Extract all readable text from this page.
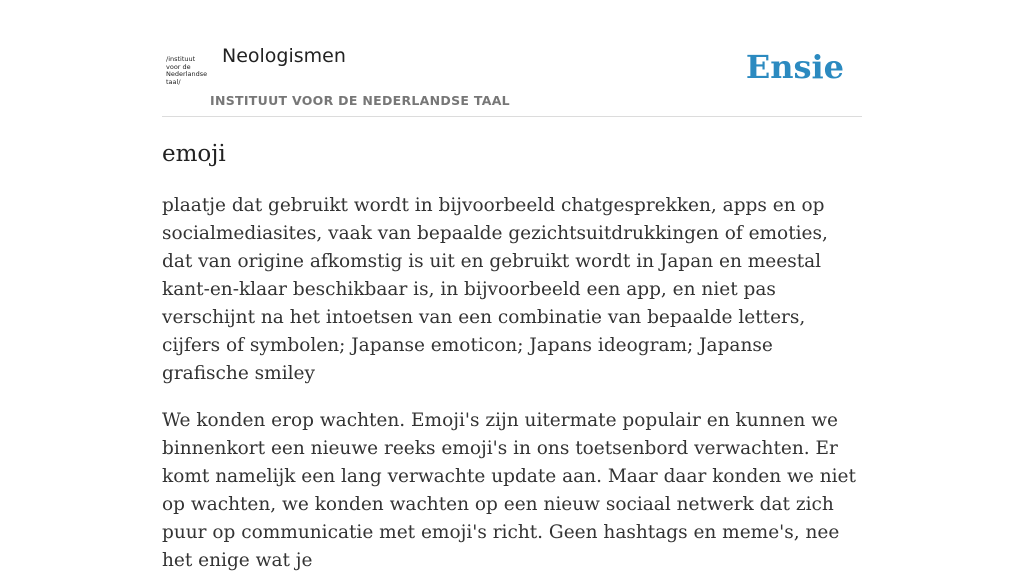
/instituut
voor de
Nederlandse
taal/
Neologismen
INSTITUUT VOOR DE NEDERLANDSE TAAL
Ensie
emoji

plaatje dat gebruikt wordt in bijvoorbeeld chatgesprekken, apps en op socialmediasites, vaak van bepaalde gezichtsuitdrukkingen of emoties, dat van origine afkomstig is uit en gebruikt wordt in Japan en meestal kant-en-klaar beschikbaar is, in bijvoorbeeld een app, en niet pas verschijnt na het intoetsen van een combinatie van bepaalde letters, cijfers of symbolen; Japanse emoticon; Japans ideogram; Japanse grafische smiley

We konden erop wachten. Emoji's zijn uitermate populair en kunnen we binnenkort een nieuwe reeks emoji's in ons toetsenbord verwachten. Er komt namelijk een lang verwachte update aan. Maar daar konden we niet op wachten, we konden wachten op een nieuw sociaal netwerk dat zich puur op communicatie met emoji's richt. Geen hashtags en meme's, nee het enige wat je
